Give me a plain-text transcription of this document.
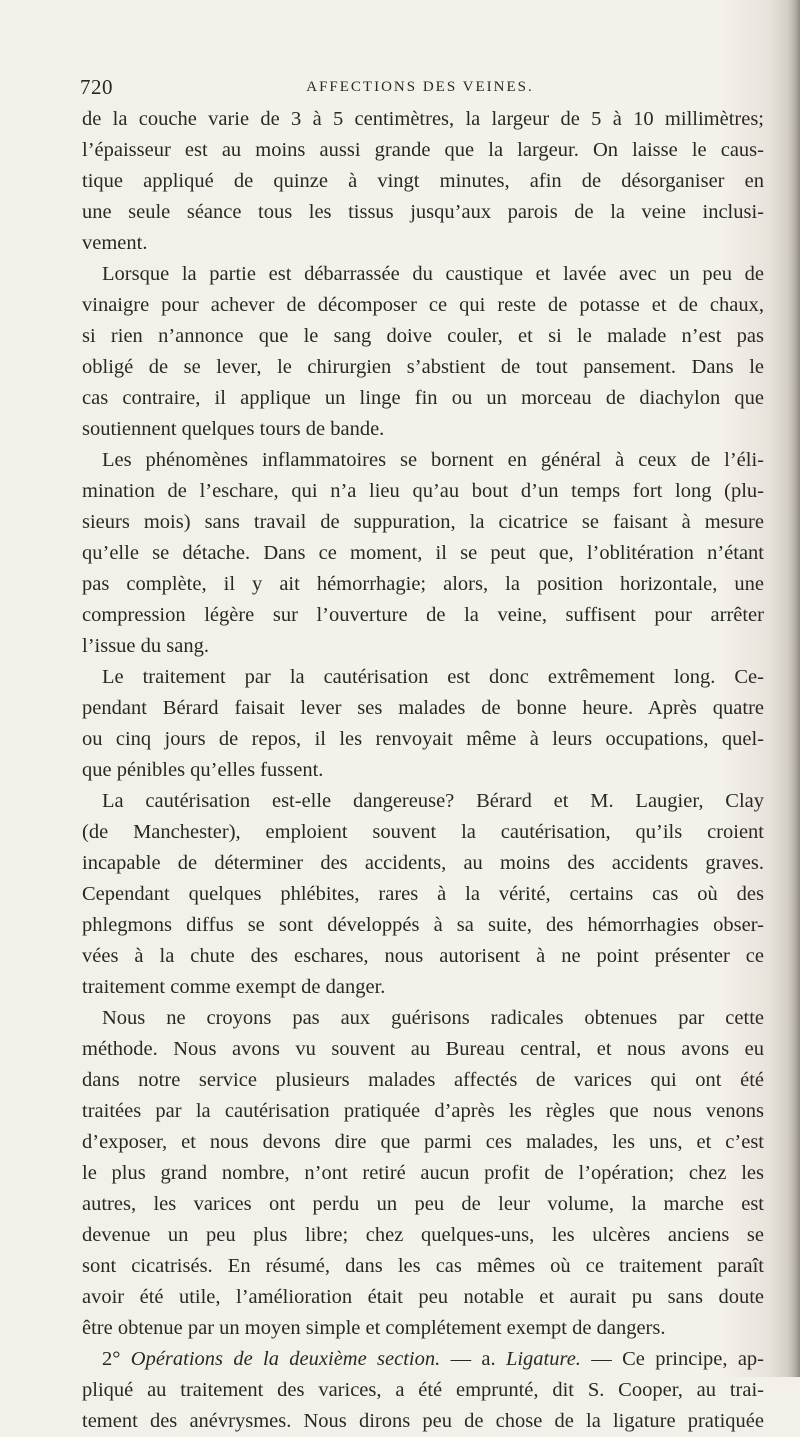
720	AFFECTIONS DES VEINES.
de la couche varie de 3 à 5 centimètres, la largeur de 5 à 10 millimètres;
l’épaisseur est au moins aussi grande que la largeur. On laisse le caus-
tique appliqué de quinze à vingt minutes, afin de désorganiser en
une seule séance tous les tissus jusqu’aux parois de la veine inclusi-
vement.
Lorsque la partie est débarrassée du caustique et lavée avec un peu de
vinaigre pour achever de décomposer ce qui reste de potasse et de chaux,
si rien n’annonce que le sang doive couler, et si le malade n’est pas
obligé de se lever, le chirurgien s’abstient de tout pansement. Dans le
cas contraire, il applique un linge fin ou un morceau de diachylon que
soutiennent quelques tours de bande.
Les phénomènes inflammatoires se bornent en général à ceux de l’éli-
mination de l’eschare, qui n’a lieu qu’au bout d’un temps fort long (plu-
sieurs mois) sans travail de suppuration, la cicatrice se faisant à mesure
qu’elle se détache. Dans ce moment, il se peut que, l’oblitération n’étant
pas complète, il y ait hémorrhagie; alors, la position horizontale, une
compression légère sur l’ouverture de la veine, suffisent pour arrêter
l’issue du sang.
Le traitement par la cautérisation est donc extrêmement long. Ce-
pendant Bérard faisait lever ses malades de bonne heure. Après quatre
ou cinq jours de repos, il les renvoyait même à leurs occupations, quel-
que pénibles qu’elles fussent.
La cautérisation est-elle dangereuse? Bérard et M. Laugier, Clay
(de Manchester), emploient souvent la cautérisation, qu’ils croient
incapable de déterminer des accidents, au moins des accidents graves.
Cependant quelques phlébites, rares à la vérité, certains cas où des
phlegmons diffus se sont développés à sa suite, des hémorrhagies obser-
vées à la chute des eschares, nous autorisent à ne point présenter ce
traitement comme exempt de danger.
Nous ne croyons pas aux guérisons radicales obtenues par cette
méthode. Nous avons vu souvent au Bureau central, et nous avons eu
dans notre service plusieurs malades affectés de varices qui ont été
traitées par la cautérisation pratiquée d’après les règles que nous venons
d’exposer, et nous devons dire que parmi ces malades, les uns, et c’est
le plus grand nombre, n’ont retiré aucun profit de l’opération; chez les
autres, les varices ont perdu un peu de leur volume, la marche est
devenue un peu plus libre; chez quelques-uns, les ulcères anciens se
sont cicatrisés. En résumé, dans les cas mêmes où ce traitement paraît
avoir été utile, l’amélioration était peu notable et aurait pu sans doute
être obtenue par un moyen simple et complétement exempt de dangers.
2° Opérations de la deuxième section. — a. Ligature. — Ce principe, ap-
pliqué au traitement des varices, a été emprunté, dit S. Cooper, au trai-
tement des anévrysmes. Nous dirons peu de chose de la ligature pratiquée
